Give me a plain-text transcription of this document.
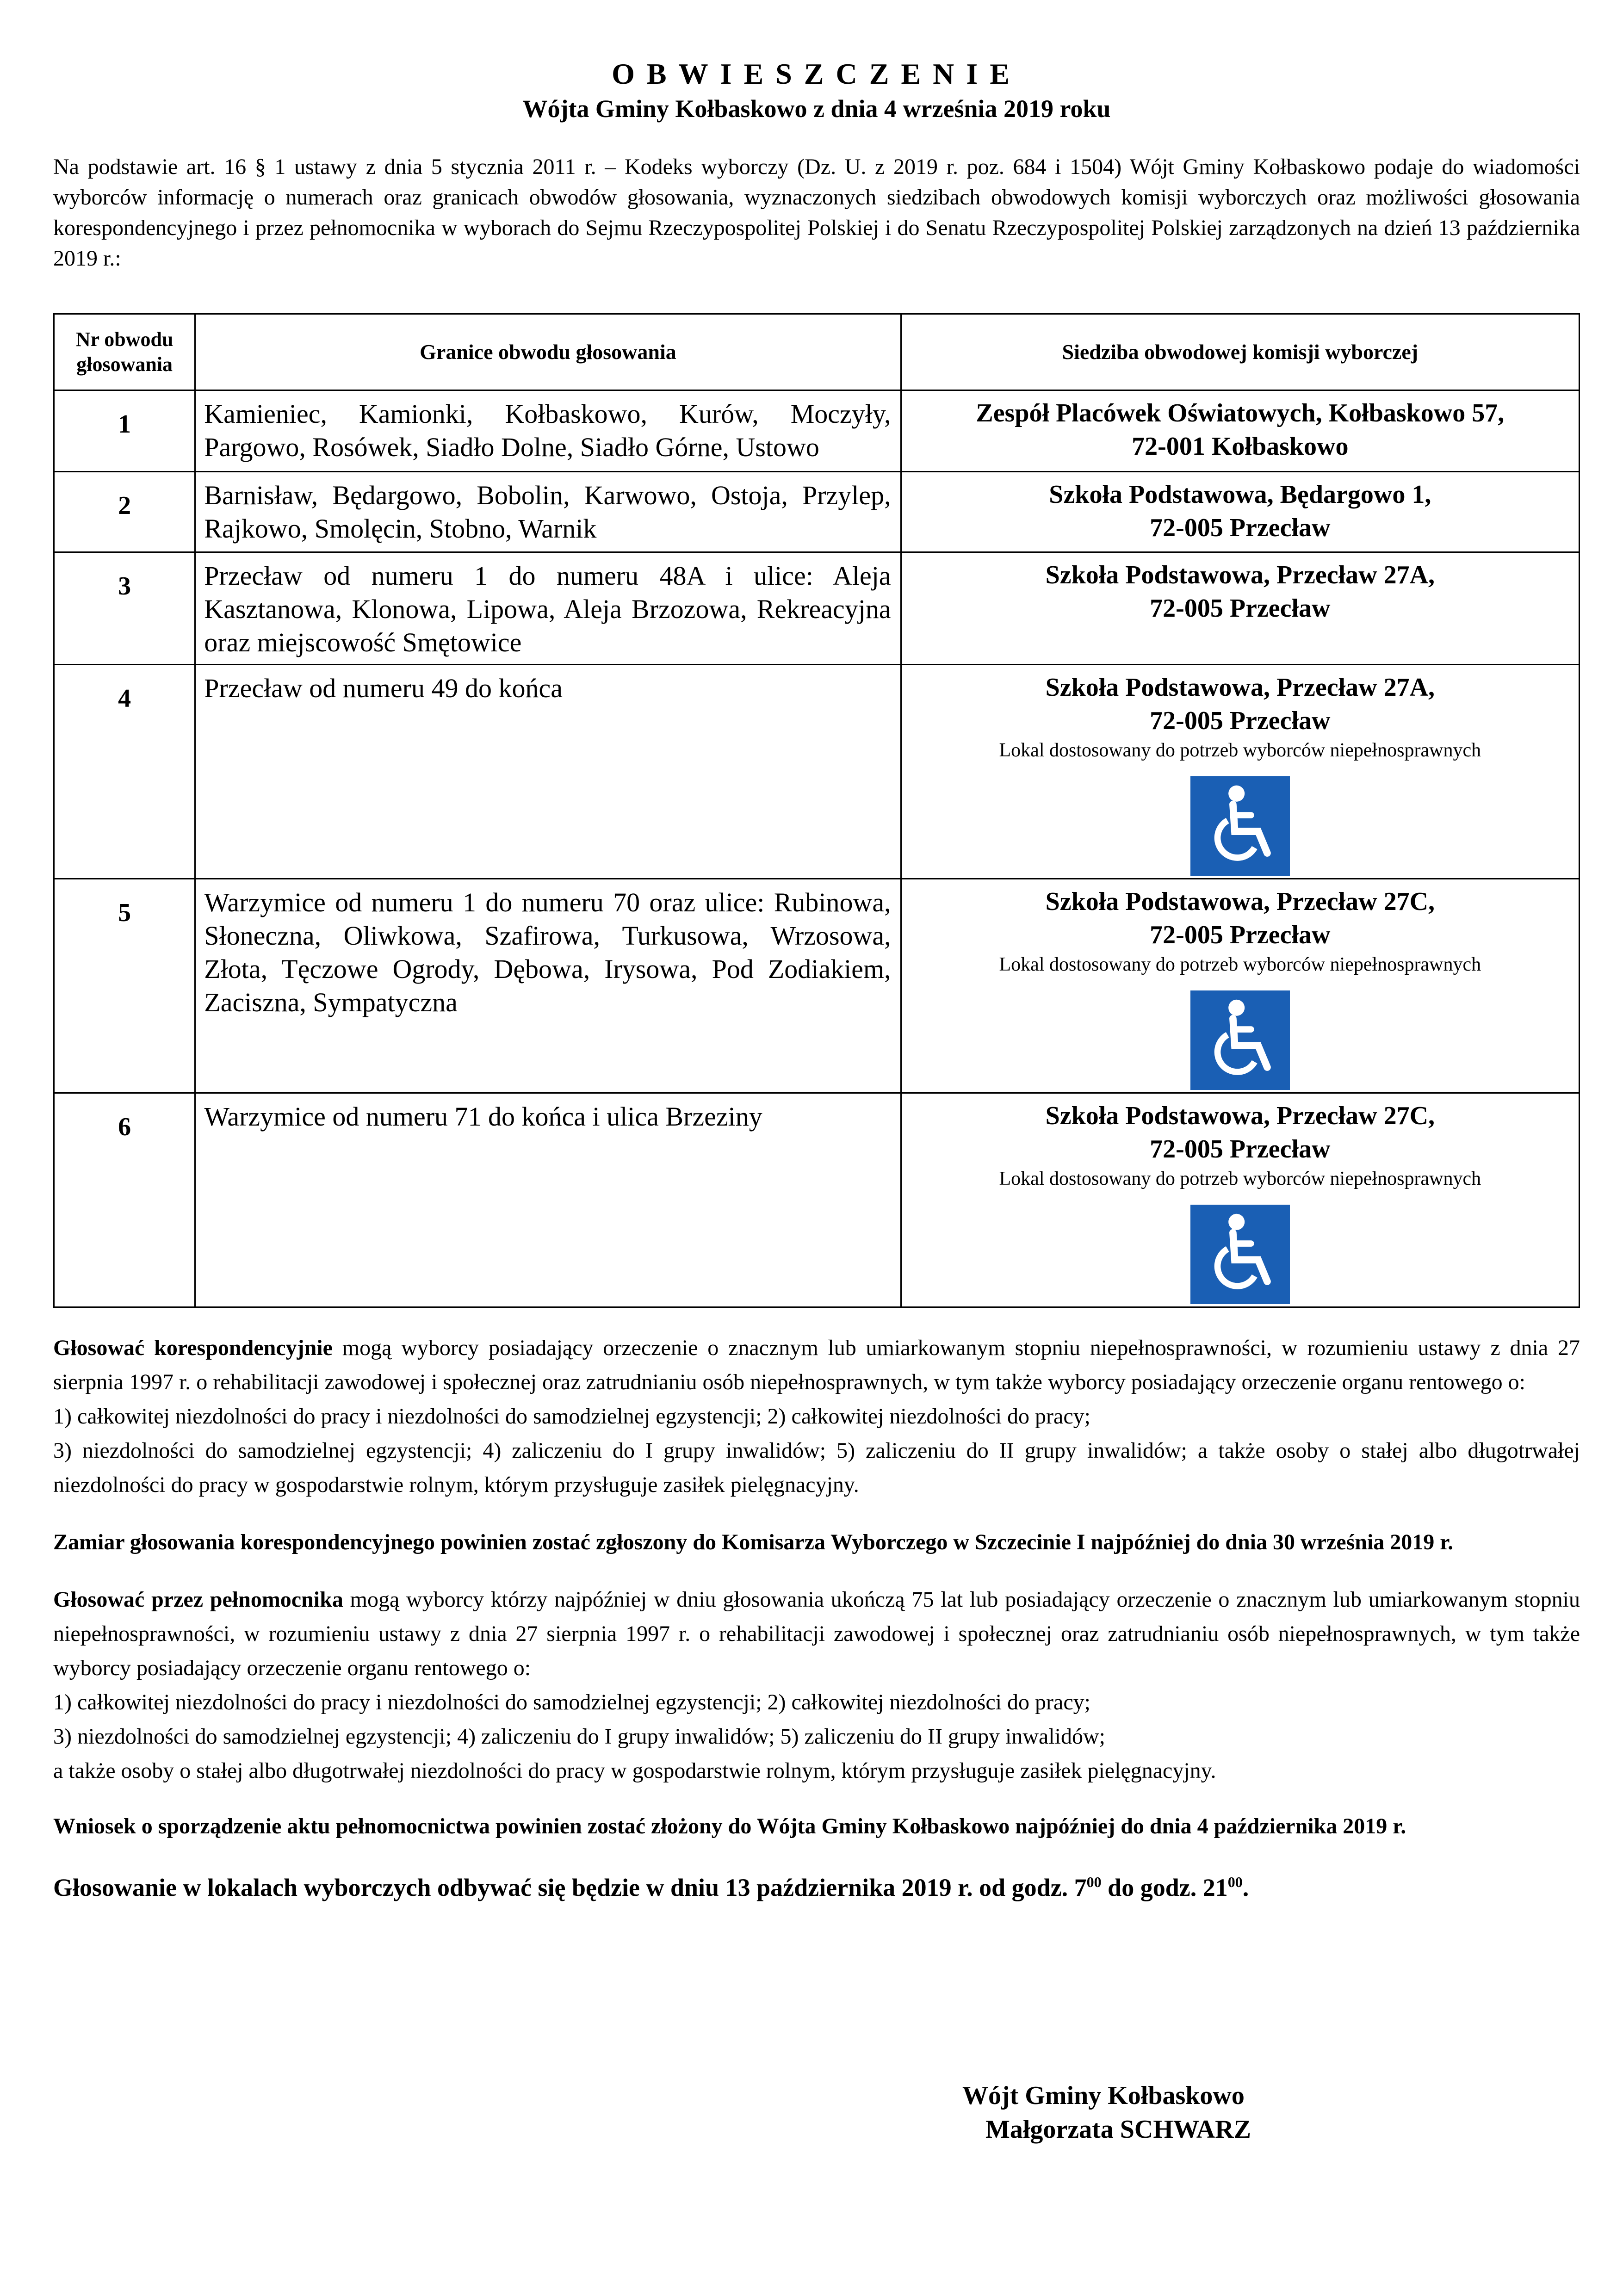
OBWIESZCZENIE

Wójta Gminy Kołbaskowo z dnia 4 września 2019 roku

Na podstawie art. 16 § 1 ustawy z dnia 5 stycznia 2011 r. – Kodeks wyborczy (Dz. U. z 2019 r. poz. 684 i 1504) Wójt Gminy Kołbaskowo podaje do wiadomości wyborców informację o numerach oraz granicach obwodów głosowania, wyznaczonych siedzibach obwodowych komisji wyborczych oraz możliwości głosowania korespondencyjnego i przez pełnomocnika w wyborach do Sejmu Rzeczypospolitej Polskiej i do Senatu Rzeczypospolitej Polskiej zarządzonych na dzień 13 października 2019 r.:

Nr obwodu głosowania	Granice obwodu głosowania	Siedziba obwodowej komisji wyborczej
1	Kamieniec, Kamionki, Kołbaskowo, Kurów, Moczyły, Pargowo, Rosówek, Siadło Dolne, Siadło Górne, Ustowo	Zespół Placówek Oświatowych, Kołbaskowo 57,
72-001 Kołbaskowo

2	Barnisław, Będargowo, Bobolin, Karwowo, Ostoja, Przylep, Rajkowo, Smolęcin, Stobno, Warnik	Szkoła Podstawowa, Będargowo 1,
72-005 Przecław

3	Przecław od numeru 1 do numeru 48A i ulice: Aleja Kasztanowa, Klonowa, Lipowa, Aleja Brzozowa, Rekreacyjna oraz miejscowość Smętowice	Szkoła Podstawowa, Przecław 27A,
72-005 Przecław

4	Przecław od numeru 49 do końca	Szkoła Podstawowa, Przecław 27A,
72-005 Przecław
Lokal dostosowany do potrzeb wyborców niepełnosprawnych

5	Warzymice od numeru 1 do numeru 70 oraz ulice: Rubinowa, Słoneczna, Oliwkowa, Szafirowa, Turkusowa, Wrzosowa, Złota, Tęczowe Ogrody, Dębowa, Irysowa, Pod Zodiakiem, Zaciszna, Sympatyczna	Szkoła Podstawowa, Przecław 27C,
72-005 Przecław
Lokal dostosowany do potrzeb wyborców niepełnosprawnych

6	Warzymice od numeru 71 do końca i ulica Brzeziny	Szkoła Podstawowa, Przecław 27C,
72-005 Przecław
Lokal dostosowany do potrzeb wyborców niepełnosprawnych

Głosować korespondencyjnie mogą wyborcy posiadający orzeczenie o znacznym lub umiarkowanym stopniu niepełnosprawności, w rozumieniu ustawy z dnia 27 sierpnia 1997 r. o rehabilitacji zawodowej i społecznej oraz zatrudnianiu osób niepełnosprawnych, w tym także wyborcy posiadający orzeczenie organu rentowego o:

1) całkowitej niezdolności do pracy i niezdolności do samodzielnej egzystencji; 2) całkowitej niezdolności do pracy;

3) niezdolności do samodzielnej egzystencji; 4) zaliczeniu do I grupy inwalidów; 5) zaliczeniu do II grupy inwalidów; a także osoby o stałej albo długotrwałej niezdolności do pracy w gospodarstwie rolnym, którym przysługuje zasiłek pielęgnacyjny.

Zamiar głosowania korespondencyjnego powinien zostać zgłoszony do Komisarza Wyborczego w Szczecinie I najpóźniej do dnia 30 września 2019 r.

Głosować przez pełnomocnika mogą wyborcy którzy najpóźniej w dniu głosowania ukończą 75 lat lub posiadający orzeczenie o znacznym lub umiarkowanym stopniu niepełnosprawności, w rozumieniu ustawy z dnia 27 sierpnia 1997 r. o rehabilitacji zawodowej i społecznej oraz zatrudnianiu osób niepełnosprawnych, w tym także wyborcy posiadający orzeczenie organu rentowego o:

1) całkowitej niezdolności do pracy i niezdolności do samodzielnej egzystencji; 2) całkowitej niezdolności do pracy;

3) niezdolności do samodzielnej egzystencji; 4) zaliczeniu do I grupy inwalidów; 5) zaliczeniu do II grupy inwalidów;

a także osoby o stałej albo długotrwałej niezdolności do pracy w gospodarstwie rolnym, którym przysługuje zasiłek pielęgnacyjny.

Wniosek o sporządzenie aktu pełnomocnictwa powinien zostać złożony do Wójta Gminy Kołbaskowo najpóźniej do dnia 4 października 2019 r.

Głosowanie w lokalach wyborczych odbywać się będzie w dniu 13 października 2019 r. od godz. $7^{00}$ do godz. $21^{00}$.

Wójt Gminy Kołbaskowo
Małgorzata SCHWARZ
